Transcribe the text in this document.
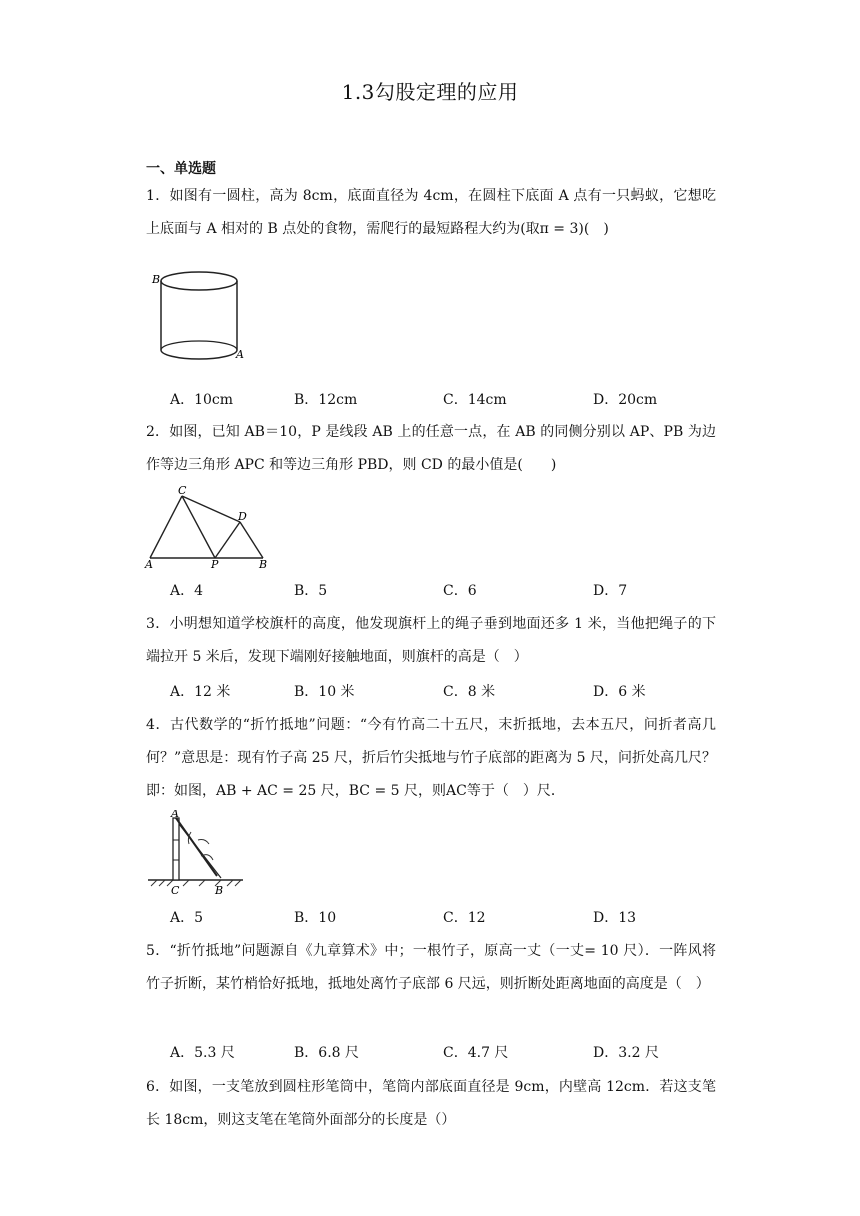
1.3勾股定理的应用
一、单选题
1．如图有一圆柱，高为 8cm，底面直径为 4cm，在圆柱下底面 A 点有一只蚂蚁，它想吃上底面与 A 相对的 B 点处的食物，需爬行的最短路程大约为(取π = 3)(　)
B
A
A．10cm	B．12cm	C．14cm	D．20cm
2．如图，已知 AB＝10，P 是线段 AB 上的任意一点，在 AB 的同侧分别以 AP、PB 为边作等边三角形 APC 和等边三角形 PBD，则 CD 的最小值是(　　)
C
D
A	P	B
A．4	B．5	C．6	D．7
3．小明想知道学校旗杆的高度，他发现旗杆上的绳子垂到地面还多 1 米，当他把绳子的下端拉开 5 米后，发现下端刚好接触地面，则旗杆的高是（　）
A．12 米	B．10 米	C．8 米	D．6 米
4．古代数学的“折竹抵地”问题：“今有竹高二十五尺，末折抵地，去本五尺，问折者高几何？”意思是：现有竹子高 25 尺，折后竹尖抵地与竹子底部的距离为 5 尺，问折处高几尺？即：如图，AB + AC = 25 尺，BC = 5 尺，则AC等于（　）尺．
A
C	B
A．5	B．10	C．12	D．13
5．“折竹抵地”问题源自《九章算术》中；一根竹子，原高一丈（一丈= 10 尺）．一阵风将竹子折断，某竹梢恰好抵地，抵地处离竹子底部 6 尺远，则折断处距离地面的高度是（　）
A．5.3 尺	B．6.8 尺	C．4.7 尺	D．3.2 尺
6．如图，一支笔放到圆柱形笔筒中，笔筒内部底面直径是 9cm，内壁高 12cm．若这支笔长 18cm，则这支笔在笔筒外面部分的长度是（）
